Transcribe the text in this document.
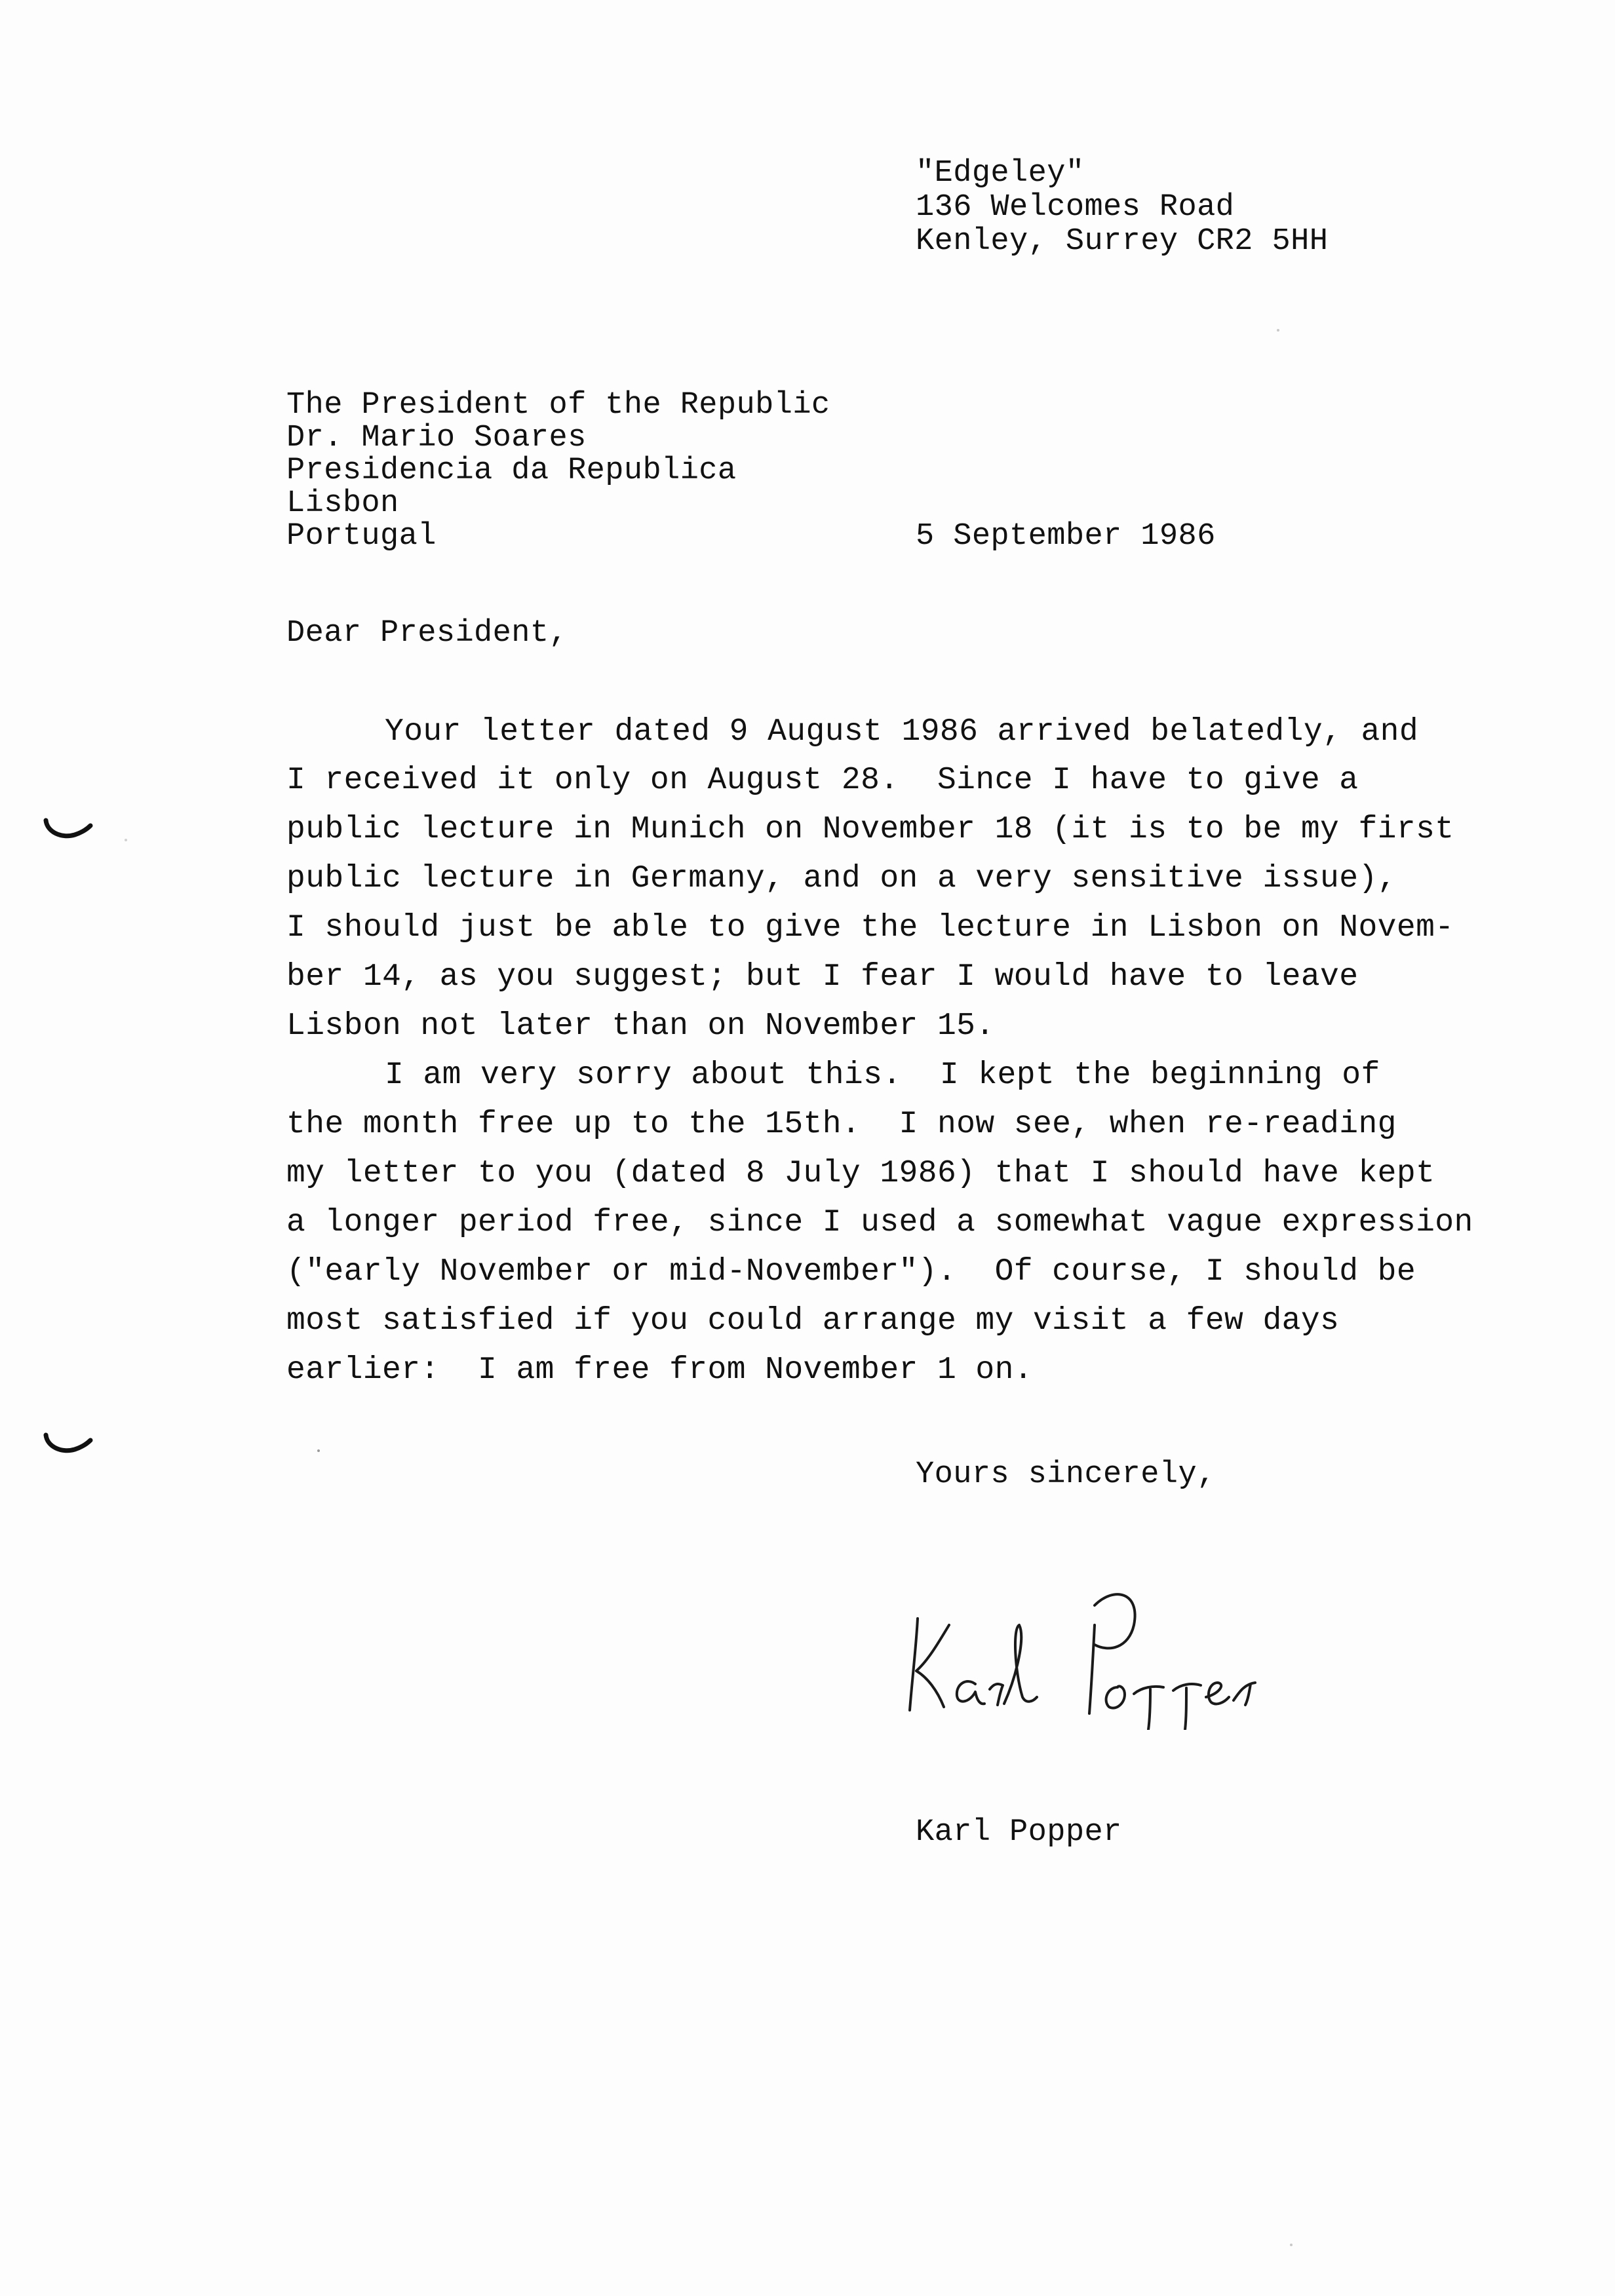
"Edgeley"
136 Welcomes Road
Kenley, Surrey CR2 5HH
The President of the Republic
Dr. Mario Soares
Presidencia da Republica
Lisbon
Portugal	5 September 1986
Dear President,
Your letter dated 9 August 1986 arrived belatedly, and
I received it only on August 28.  Since I have to give a
public lecture in Munich on November 18 (it is to be my first
public lecture in Germany, and on a very sensitive issue),
I should just be able to give the lecture in Lisbon on Novem-
ber 14, as you suggest; but I fear I would have to leave
Lisbon not later than on November 15.
I am very sorry about this.  I kept the beginning of
the month free up to the 15th.  I now see, when re-reading
my letter to you (dated 8 July 1986) that I should have kept
a longer period free, since I used a somewhat vague expression
("early November or mid-November").  Of course, I should be
most satisfied if you could arrange my visit a few days
earlier:  I am free from November 1 on.
Yours sincerely,
Karl Popper
